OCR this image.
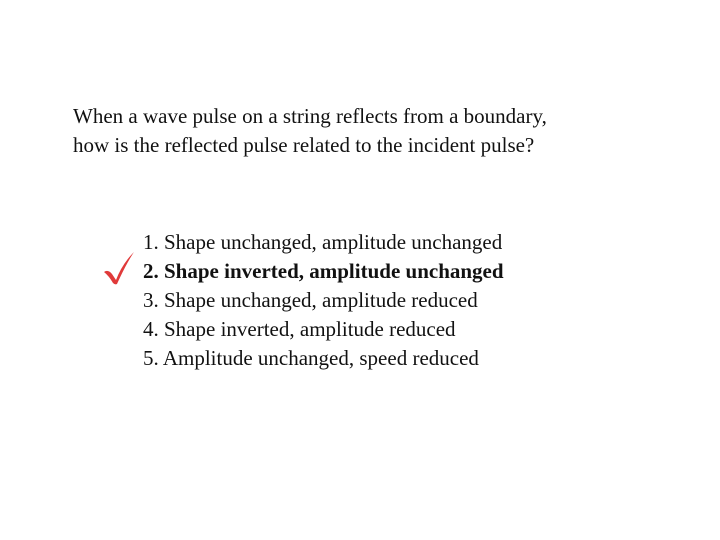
When a wave pulse on a string reflects from a boundary,
how is the reflected pulse related to the incident pulse?
1. Shape unchanged, amplitude unchanged
2. Shape inverted, amplitude unchanged
3. Shape unchanged, amplitude reduced
4. Shape inverted, amplitude reduced
5. Amplitude unchanged, speed reduced
